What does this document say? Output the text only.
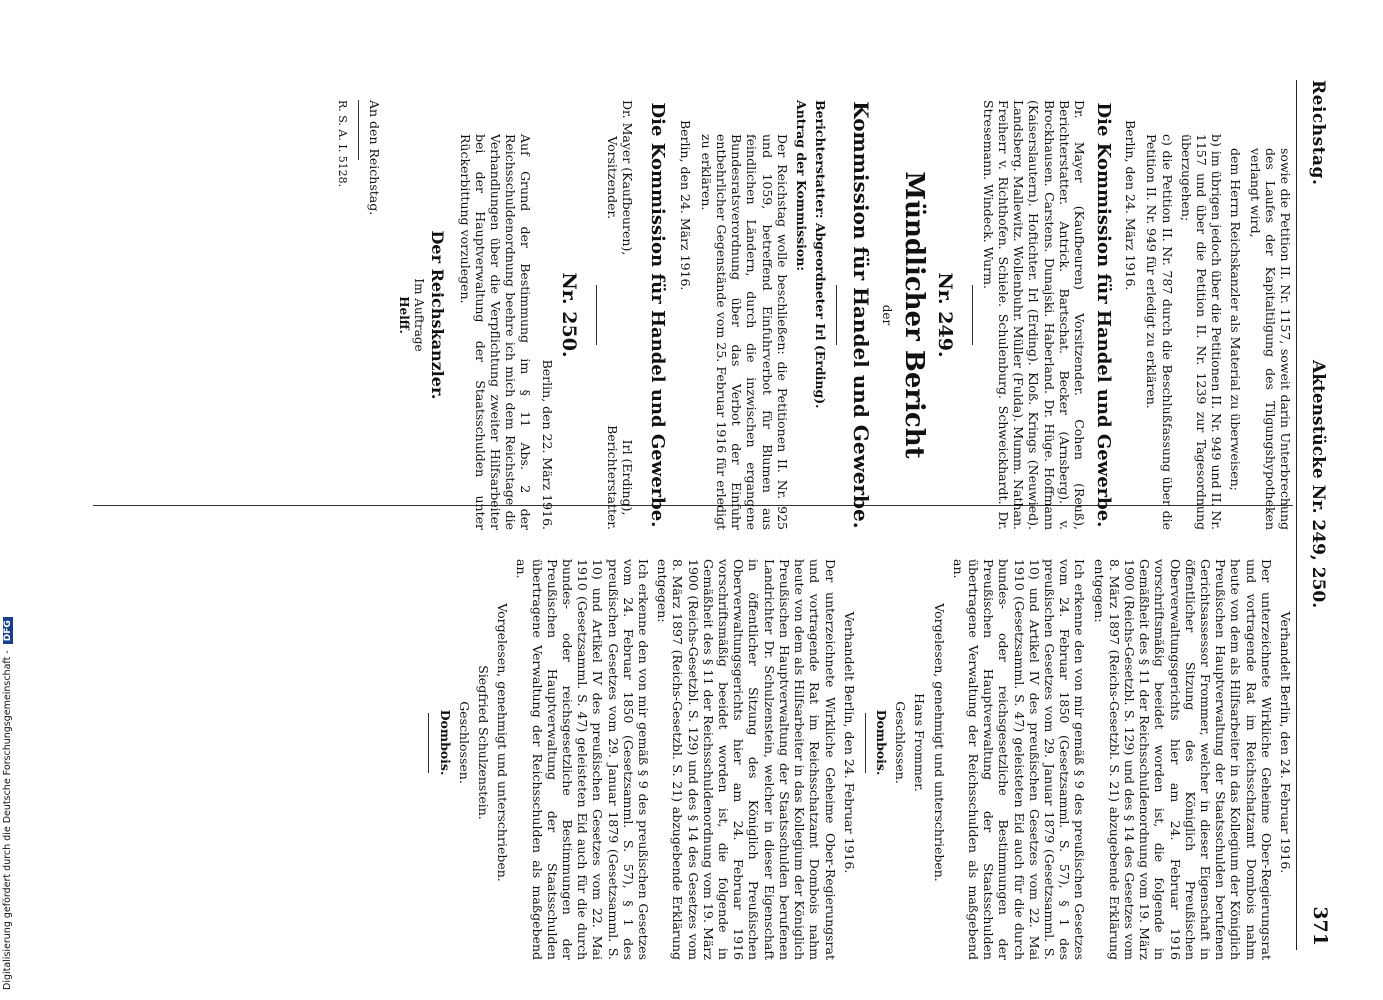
Digitalisierung gefördert durch die Deutsche Forschungsgemeinschaft -DFG
Reichstag.
Aktenstücke Nr. 249, 250.
371

sowie die Petition II. Nr. 1157, soweit darin Unterbrechung des Laufes der Kapitaltilgung des Tilgungshypotheken verlangt wird,

dem Herrn Reichskanzler als Material zu überweisen;

b) im übrigen jedoch über die Petitionen II. Nr. 949 und II. Nr. 1157 und über die Petition II. Nr. 1239 zur Tagesordnung überzugehen;

c) die Petition II. Nr. 787 durch die Beschlußfassung über die Petition II. Nr. 949 für erledigt zu erklären.

Berlin, den 24. März 1916.

Die Kommission für Handel und Gewerbe.

Dr. Mayer (Kaufbeuren) Vorsitzender. Cohen (Reuß), Berichterstatter. Antrick. Bartschat. Becker (Arnsberg). v. Brockhausen. Carstens. Dunajski. Haberland. Dr. Hüge. Hoffmann (Kaiserslautern). Hoftichter. Irl (Erding). Kloß. Krings (Neuwied). Landsberg. Mallewitz. Wollenbuhr. Müller (Fulda). Mumm. Nathan. Freiherr v. Richthofen. Schiele. Schulenburg. Schweickhardt. Dr. Stresemann. Windeck. Wurm.

Nr. 249.
Mündlicher Bericht
der
Kommission für Handel und Gewerbe.

Berichterstatter: Abgeordneter Irl (Erding).

Antrag der Kommission:

Der Reichstag wolle beschließen: die Petitionen II. Nr. 925 und 1059, betreffend Einfuhrverbot für Blumen aus feindlichen Ländern, durch die inzwischen ergangene Bundesratsverordnung über das Verbot der Einfuhr entbehrlicher Gegenstände vom 25. Februar 1916 für erledigt zu erklären.

Berlin, den 24. März 1916.

Die Kommission für Handel und Gewerbe.
Dr. Mayer (Kaufbeuren),
Vorsitzender.
Irl (Erding),
Berichterstatter.
Nr. 250.

Berlin, den 22. März 1916.

Auf Grund der Bestimmung im § 11 Abs. 2 der Reichsschuldenordnung beehre ich mich dem Reichstage die Verhandlungen über die Verpflichtung zweiter Hilfsarbeiter bei der Hauptverwaltung der Staatsschulden unter Rückerbittung vorzulegen.

Der Reichskanzler.
Im Auftrage
Helff.

An den Reichstag.

R. S. A. I. 5128.

Verhandelt Berlin, den 24. Februar 1916.

Der unterzeichnete Wirkliche Geheime Ober-Regierungsrat und vortragende Rat im Reichsschatzamt Dombois nahm heute von dem als Hilfsarbeiter in das Kollegium der Königlich Preußischen Hauptverwaltung der Staatsschulden berufenen Gerichtsassessor Frommer, welcher in dieser Eigenschaft in öffentlicher Sitzung des Königlich Preußischen Oberverwaltungsgerichts hier am 24. Februar 1916 vorschriftsmäßig beeidet worden ist, die folgende in Gemäßheit des § 11 der Reichsschuldenordnung vom 19. März 1900 (Reichs-Gesetzbl. S. 129) und des § 14 des Gesetzes vom 8. März 1897 (Reichs-Gesetzbl. S. 21) abzugebende Erklärung entgegen:

Ich erkenne den von mir gemäß § 9 des preußischen Gesetzes vom 24. Februar 1850 (Gesetzsamml. S. 57), § 1 des preußischen Gesetzes vom 29. Januar 1879 (Gesetzsamml. S. 10) und Artikel IV des preußischen Gesetzes vom 22. Mai 1910 (Gesetzsamml. S. 47) geleisteten Eid auch für die durch bundes- oder reichsgesetzliche Bestimmungen der Preußischen Hauptverwaltung der Staatsschulden übertragene Verwaltung der Reichsschulden als maßgebend an.

Vorgelesen, genehmigt und unterschrieben.

Hans Frommer.

Geschlossen.

Dombois.

Verhandelt Berlin, den 24. Februar 1916.

Der unterzeichnete Wirkliche Geheime Ober-Regierungsrat und vortragende Rat im Reichsschatzamt Dombois nahm heute von dem als Hilfsarbeiter in das Kollegium der Königlich Preußischen Hauptverwaltung der Staatsschulden berufenen Landrichter Dr. Schulzenstein, welcher in dieser Eigenschaft in öffentlicher Sitzung des Königlich Preußischen Oberverwaltungsgerichts hier am 24. Februar 1916 vorschriftsmäßig beeidet worden ist, die folgende in Gemäßheit des § 11 der Reichsschuldenordnung vom 19. März 1900 (Reichs-Gesetzbl. S. 129) und des § 14 des Gesetzes vom 8. März 1897 (Reichs-Gesetzbl. S. 21) abzugebende Erklärung entgegen:

Ich erkenne den von mir gemäß § 9 des preußischen Gesetzes vom 24. Februar 1850 (Gesetzsamml. S. 57), § 1 des preußischen Gesetzes vom 29. Januar 1879 (Gesetzsamml. S. 10) und Artikel IV des preußischen Gesetzes vom 22. Mai 1910 (Gesetzsamml. S. 47) geleisteten Eid auch für die durch bundes- oder reichsgesetzliche Bestimmungen der Preußischen Hauptverwaltung der Staatsschulden übertragene Verwaltung der Reichsschulden als maßgebend an.

Vorgelesen, genehmigt und unterschrieben.

Siegfried Schulzenstein.

Geschlossen.

Dombois.
